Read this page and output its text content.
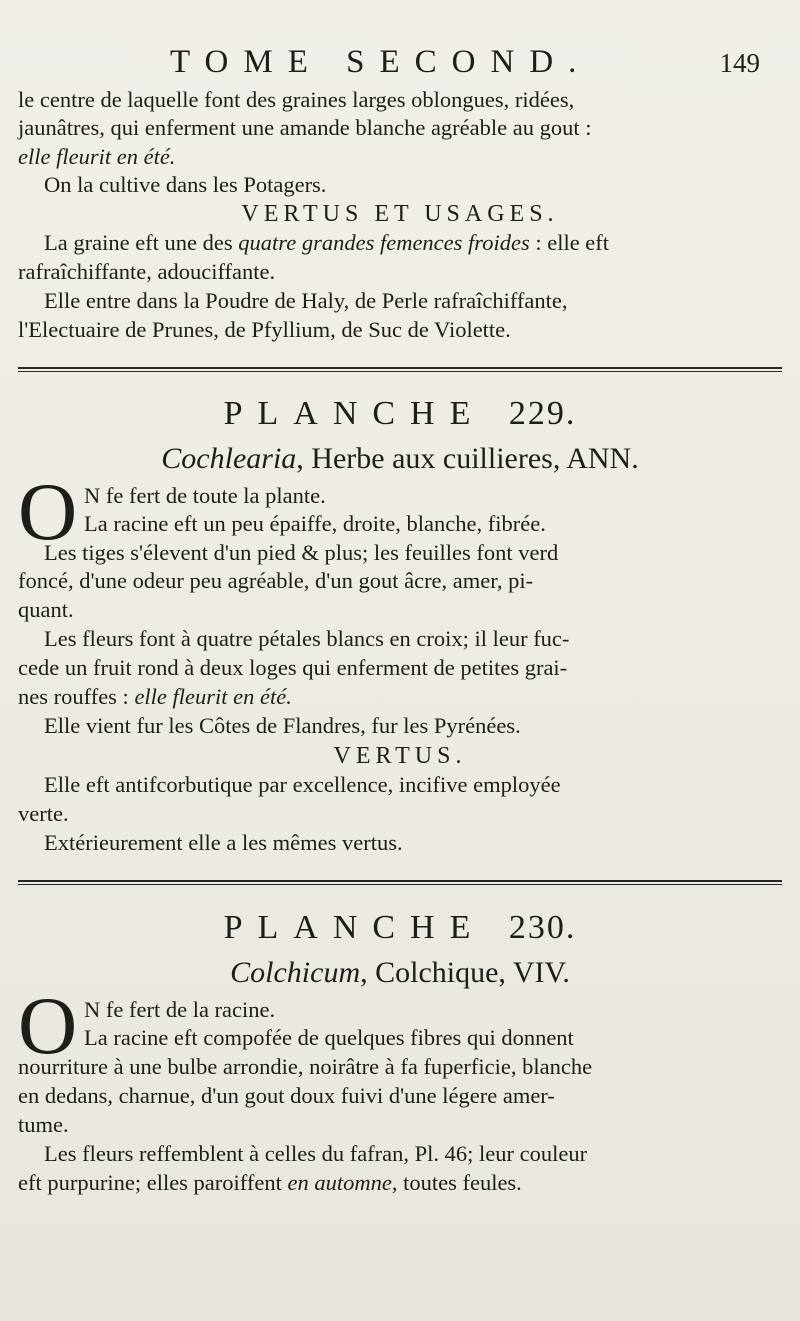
TOME SECOND.	149
le centre de laquelle font des graines larges oblongues, ridées,
jaunâtres, qui enferment une amande blanche agréable au gout :
elle fleurit en été.
On la cultive dans les Potagers.
VERTUS ET USAGES.
La graine eft une des quatre grandes femences froides : elle eft
rafraîchiffante, adouciffante.
Elle entre dans la Poudre de Haly, de Perle rafraîchiffante,
l'Electuaire de Prunes, de Pfyllium, de Suc de Violette.
PLANCHE 229.
Cochlearia, Herbe aux cuillieres, ANN.
O N fe fert de toute la plante.
La racine eft un peu épaiffe, droite, blanche, fibrée.
Les tiges s'élevent d'un pied & plus; les feuilles font verd
foncé, d'une odeur peu agréable, d'un gout âcre, amer, pi-
quant.
Les fleurs font à quatre pétales blancs en croix; il leur fuc-
cede un fruit rond à deux loges qui enferment de petites grai-
nes rouffes : elle fleurit en été.
Elle vient fur les Côtes de Flandres, fur les Pyrénées.
VERTUS.
Elle eft antifcorbutique par excellence, incifive employée
verte.
Extérieurement elle a les mêmes vertus.
PLANCHE 230.
Colchicum, Colchique, VIV.
O N fe fert de la racine.
La racine eft compofée de quelques fibres qui donnent
nourriture à une bulbe arrondie, noirâtre à fa fuperficie, blanche
en dedans, charnue, d'un gout doux fuivi d'une légere amer-
tume.
Les fleurs reffemblent à celles du fafran, Pl. 46; leur couleur
eft purpurine; elles paroiffent en automne, toutes feules.
